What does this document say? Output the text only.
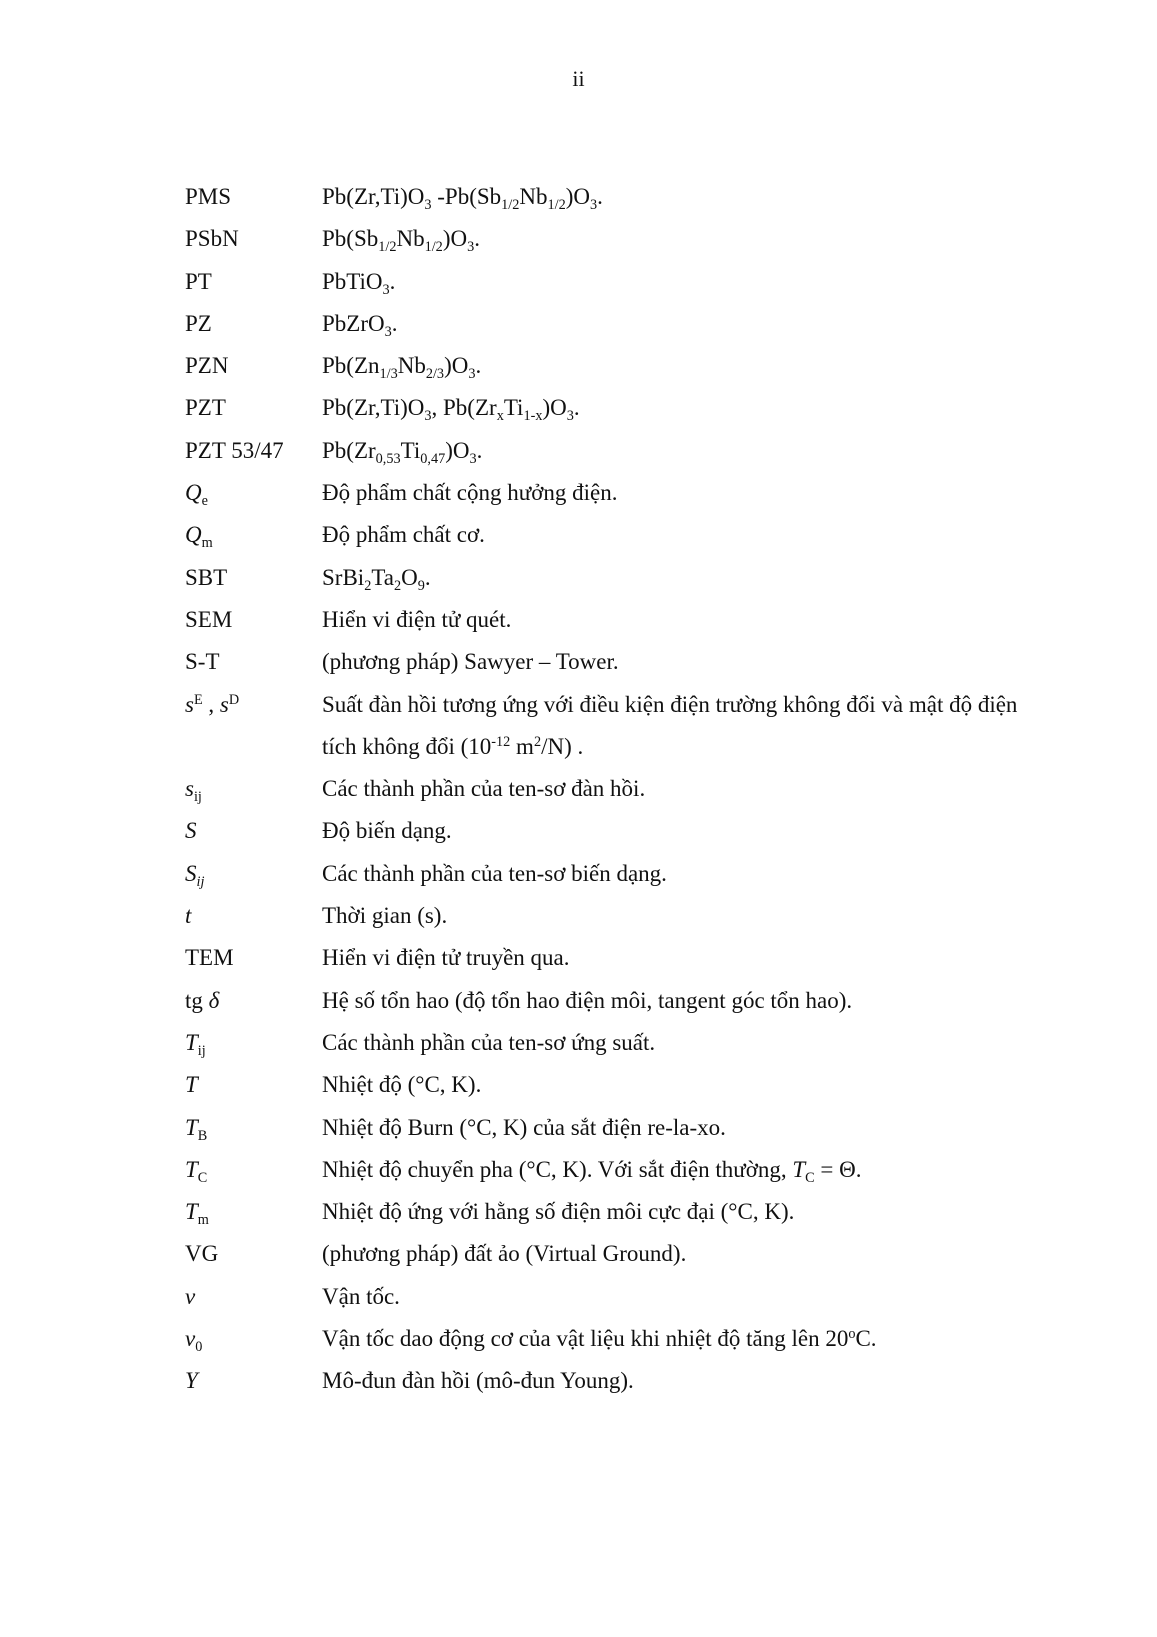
ii
PMS	$Pb(Zr,Ti)O_3$ $-Pb(Sb_{1/2}Nb_{1/2})O_3$.
PSbN	$Pb(Sb_{1/2}Nb_{1/2})O_3$.
PT	PbTiO$_3$.
PZ	PbZrO$_3$.
PZN	$Pb(Zn_{1/3}Nb_{2/3})O_3$.
PZT	$Pb(Zr,Ti)O_3$, $Pb(Zr_xTi_{1-x})O_3$.
PZT 53/47	$Pb(Zr_{0,53}Ti_{0,47})O_3$.
$Q_e$	Độ phẩm chất cộng hưởng điện.
$Q_m$	Độ phẩm chất cơ.
SBT	$SrBi_2Ta_2O_9$.
SEM	Hiển vi điện tử quét.
S-T	(phương pháp) Sawyer – Tower.
$s^E$ , $s^D$	Suất đàn hồi tương ứng với điều kiện điện trường không đổi và mật độ điện tích không đổi ($10^{-12}$ $m^2/N$) .
$s_{ij}$	Các thành phần của ten-sơ đàn hồi.
S	Độ biến dạng.
$S_{ij}$	Các thành phần của ten-sơ biến dạng.
t	Thời gian (s).
TEM	Hiển vi điện tử truyền qua.
tg δ	Hệ số tổn hao (độ tổn hao điện môi, tangent góc tổn hao).
$T_{ij}$	Các thành phần của ten-sơ ứng suất.
T	Nhiệt độ (°C, K).
$T_B$	Nhiệt độ Burn (°C, K) của sắt điện re-la-xo.
$T_C$	Nhiệt độ chuyển pha (°C, K). Với sắt điện thường, $T_C = \Theta$.
$T_m$	Nhiệt độ ứng với hằng số điện môi cực đại (°C, K).
VG	(phương pháp) đất ảo (Virtual Ground).
v	Vận tốc.
$v_0$	Vận tốc dao động cơ của vật liệu khi nhiệt độ tăng lên 20$^o$C.
Y	Mô-đun đàn hồi (mô-đun Young).
